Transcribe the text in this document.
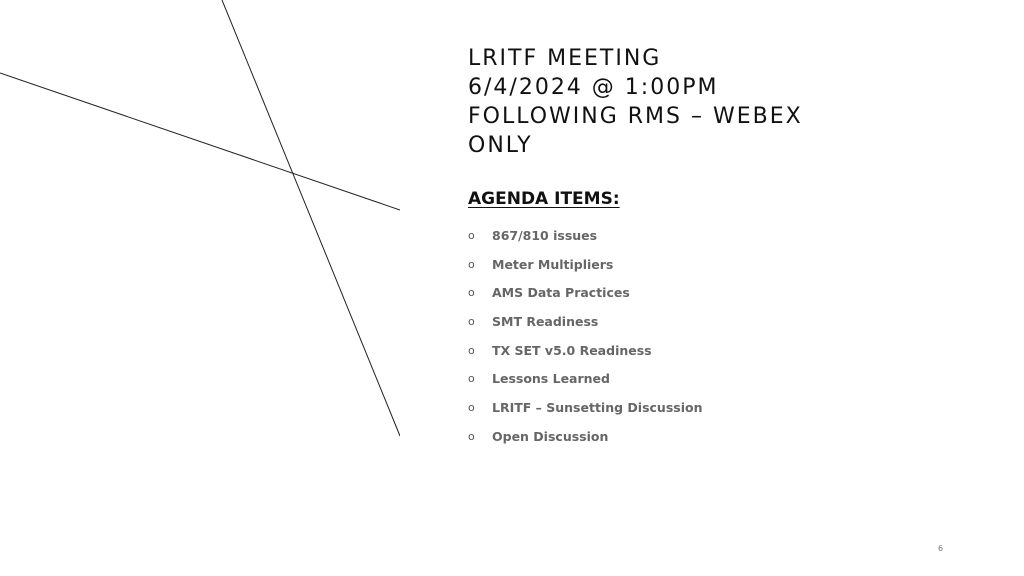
LRITF MEETING
6/4/2024 @ 1:00PM
FOLLOWING RMS – WEBEX
ONLY
AGENDA ITEMS:
o	867/810 issues
o	Meter Multipliers
o	AMS Data Practices
o	SMT Readiness
o	TX SET v5.0 Readiness
o	Lessons Learned
o	LRITF – Sunsetting Discussion
o	Open Discussion
6
